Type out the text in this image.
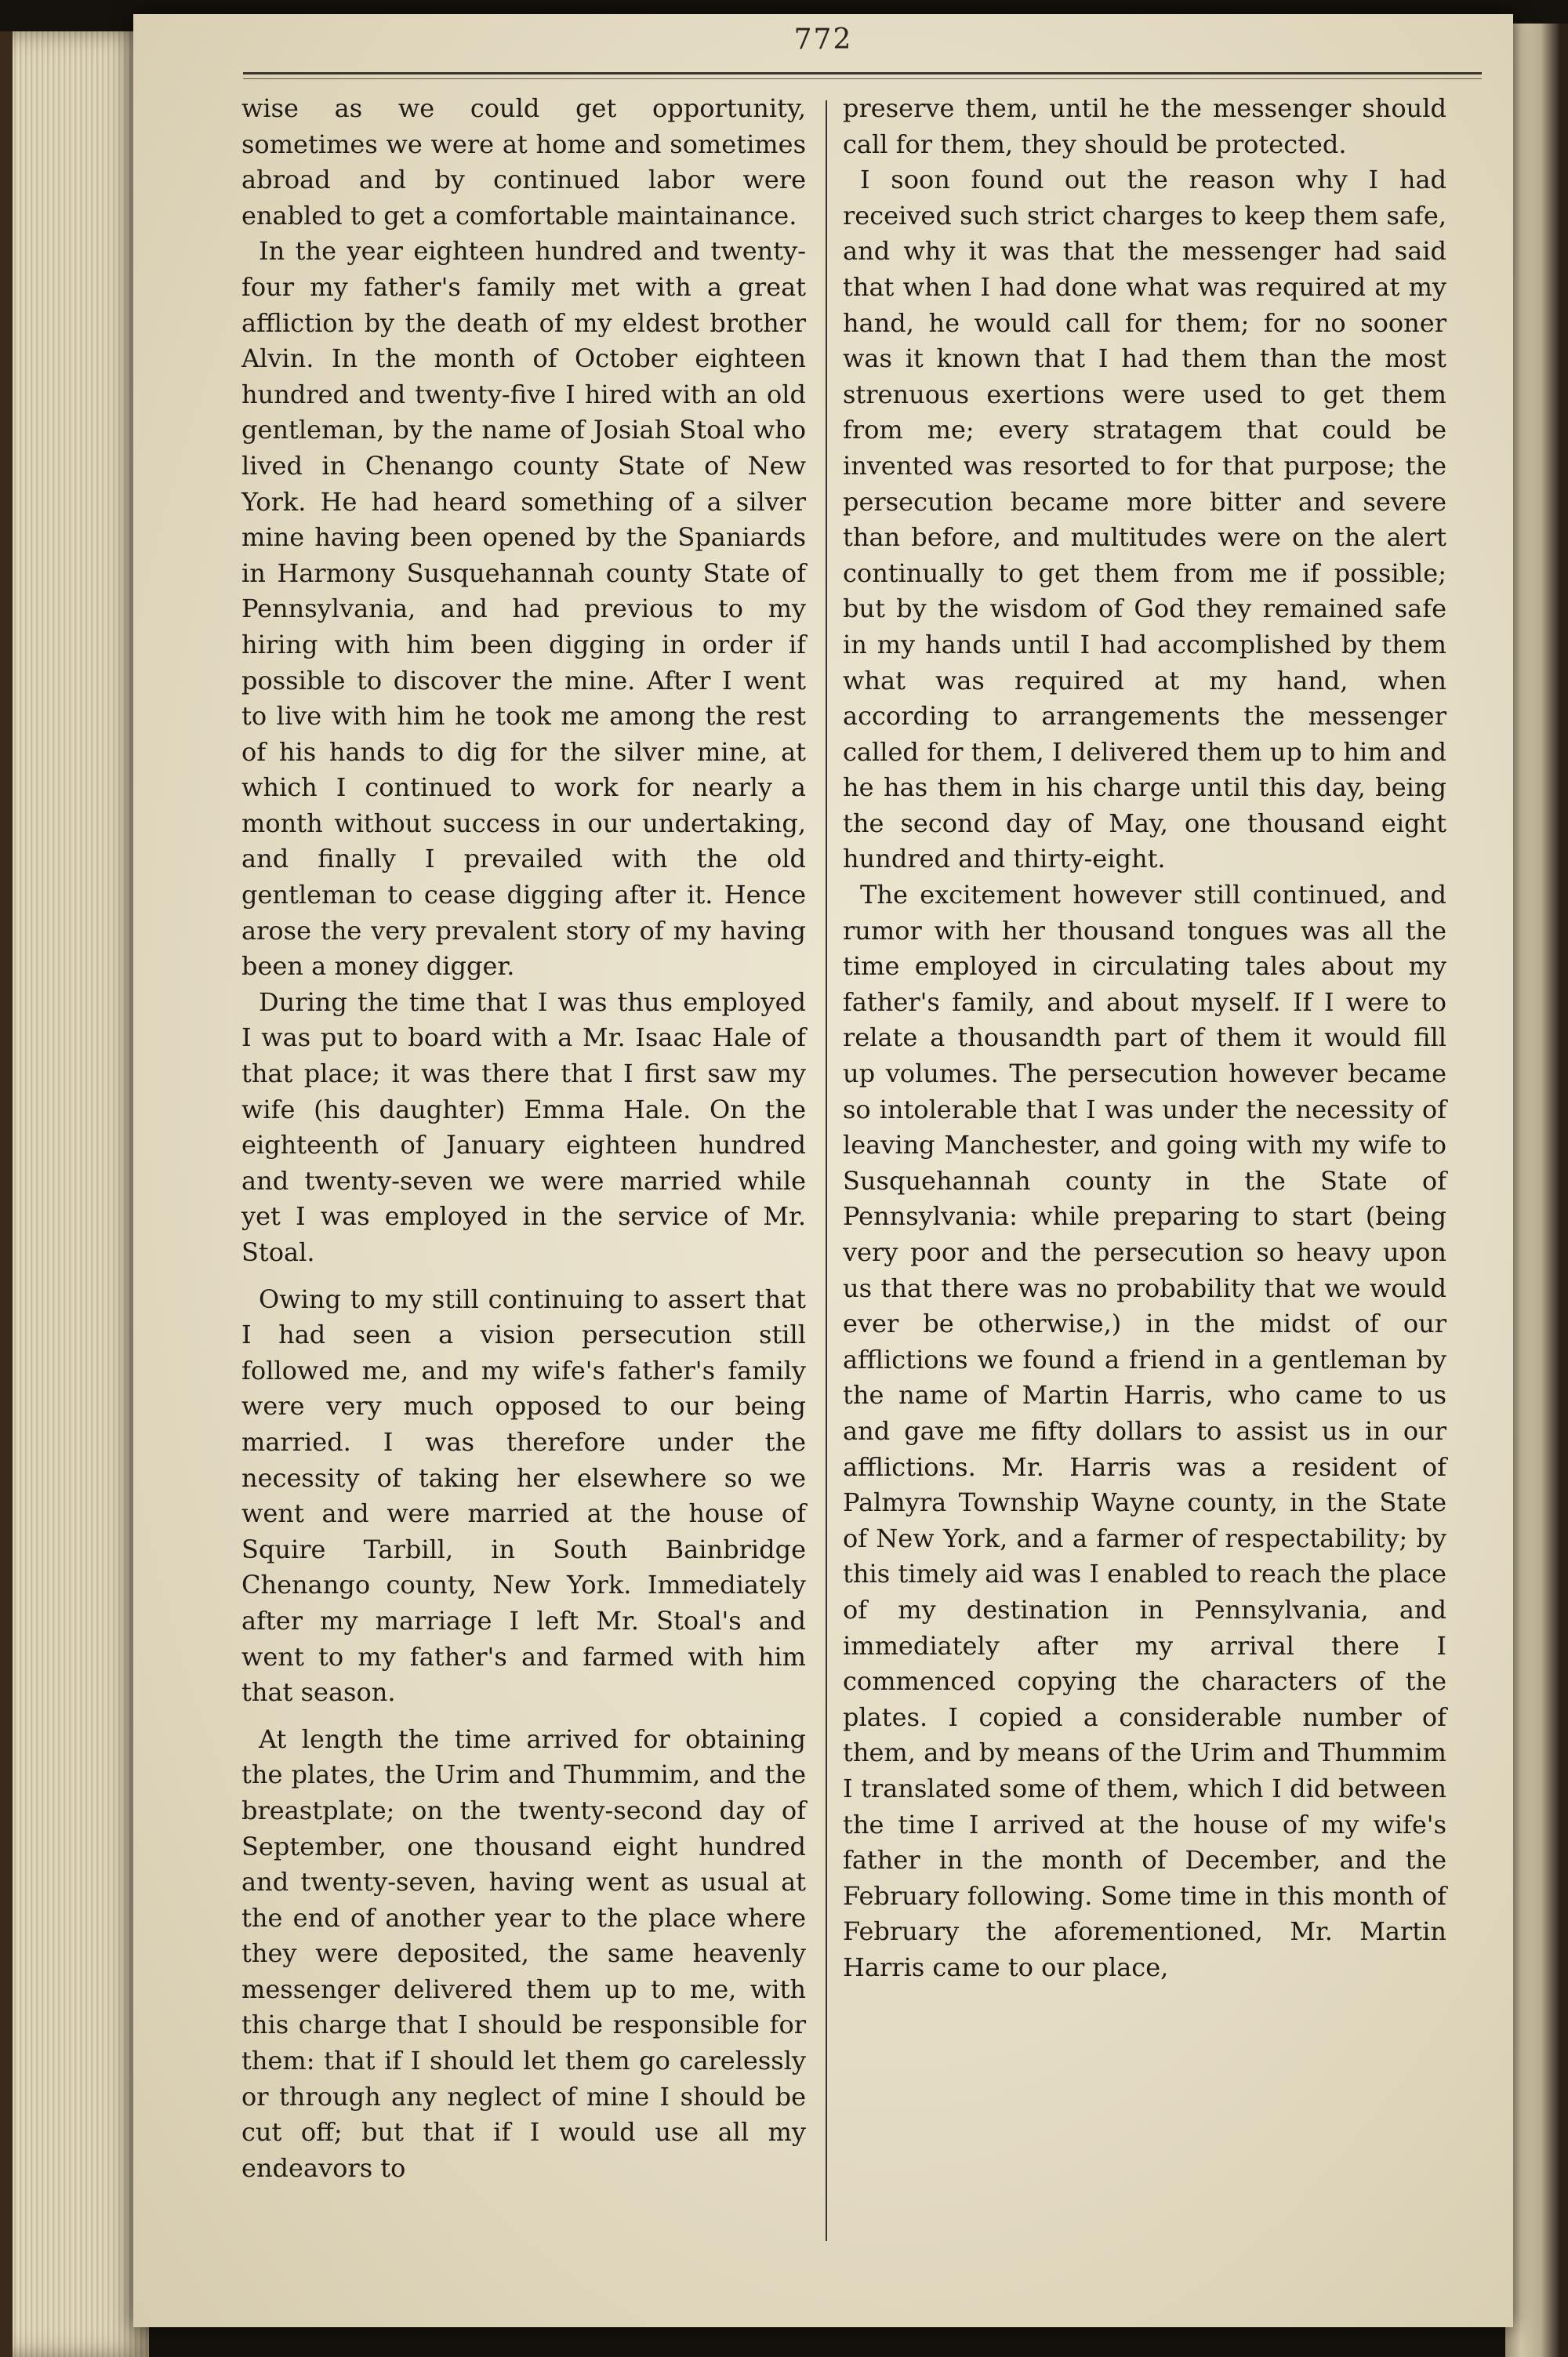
772

wise as we could get opportunity, sometimes we were at home and sometimes abroad and by continued labor were enabled to get a comfortable maintainance.

In the year eighteen hundred and twenty-four my father's family met with a great affliction by the death of my eldest brother Alvin. In the month of October eighteen hundred and twenty-five I hired with an old gentleman, by the name of Josiah Stoal who lived in Chenango county State of New York. He had heard something of a silver mine having been opened by the Spaniards in Harmony Susquehannah county State of Pennsylvania, and had previous to my hiring with him been digging in order if possible to discover the mine. After I went to live with him he took me among the rest of his hands to dig for the silver mine, at which I continued to work for nearly a month without success in our undertaking, and finally I prevailed with the old gentleman to cease digging after it. Hence arose the very prevalent story of my having been a money digger.

During the time that I was thus employed I was put to board with a Mr. Isaac Hale of that place; it was there that I first saw my wife (his daughter) Emma Hale. On the eighteenth of January eighteen hundred and twenty-seven we were married while yet I was employed in the service of Mr. Stoal.

Owing to my still continuing to assert that I had seen a vision persecution still followed me, and my wife's father's family were very much opposed to our being married. I was therefore under the necessity of taking her elsewhere so we went and were married at the house of Squire Tarbill, in South Bainbridge Chenango county, New York. Immediately after my marriage I left Mr. Stoal's and went to my father's and farmed with him that season.

At length the time arrived for obtaining the plates, the Urim and Thummim, and the breastplate; on the twenty-second day of September, one thousand eight hundred and twenty-seven, having went as usual at the end of another year to the place where they were deposited, the same heavenly messenger delivered them up to me, with this charge that I should be responsible for them: that if I should let them go carelessly or through any neglect of mine I should be cut off; but that if I would use all my endeavors to

preserve them, until he the messenger should call for them, they should be protected.

I soon found out the reason why I had received such strict charges to keep them safe, and why it was that the messenger had said that when I had done what was required at my hand, he would call for them; for no sooner was it known that I had them than the most strenuous exertions were used to get them from me; every stratagem that could be invented was resorted to for that purpose; the persecution became more bitter and severe than before, and multitudes were on the alert continually to get them from me if possible; but by the wisdom of God they remained safe in my hands until I had accomplished by them what was required at my hand, when according to arrangements the messenger called for them, I delivered them up to him and he has them in his charge until this day, being the second day of May, one thousand eight hundred and thirty-eight.

The excitement however still continued, and rumor with her thousand tongues was all the time employed in circulating tales about my father's family, and about myself. If I were to relate a thousandth part of them it would fill up volumes. The persecution however became so intolerable that I was under the necessity of leaving Manchester, and going with my wife to Susquehannah county in the State of Pennsylvania: while preparing to start (being very poor and the persecution so heavy upon us that there was no probability that we would ever be otherwise,) in the midst of our afflictions we found a friend in a gentleman by the name of Martin Harris, who came to us and gave me fifty dollars to assist us in our afflictions. Mr. Harris was a resident of Palmyra Township Wayne county, in the State of New York, and a farmer of respectability; by this timely aid was I enabled to reach the place of my destination in Pennsylvania, and immediately after my arrival there I commenced copying the characters of the plates. I copied a considerable number of them, and by means of the Urim and Thummim I translated some of them, which I did between the time I arrived at the house of my wife's father in the month of December, and the February following. Some time in this month of February the aforementioned, Mr. Martin Harris came to our place,
